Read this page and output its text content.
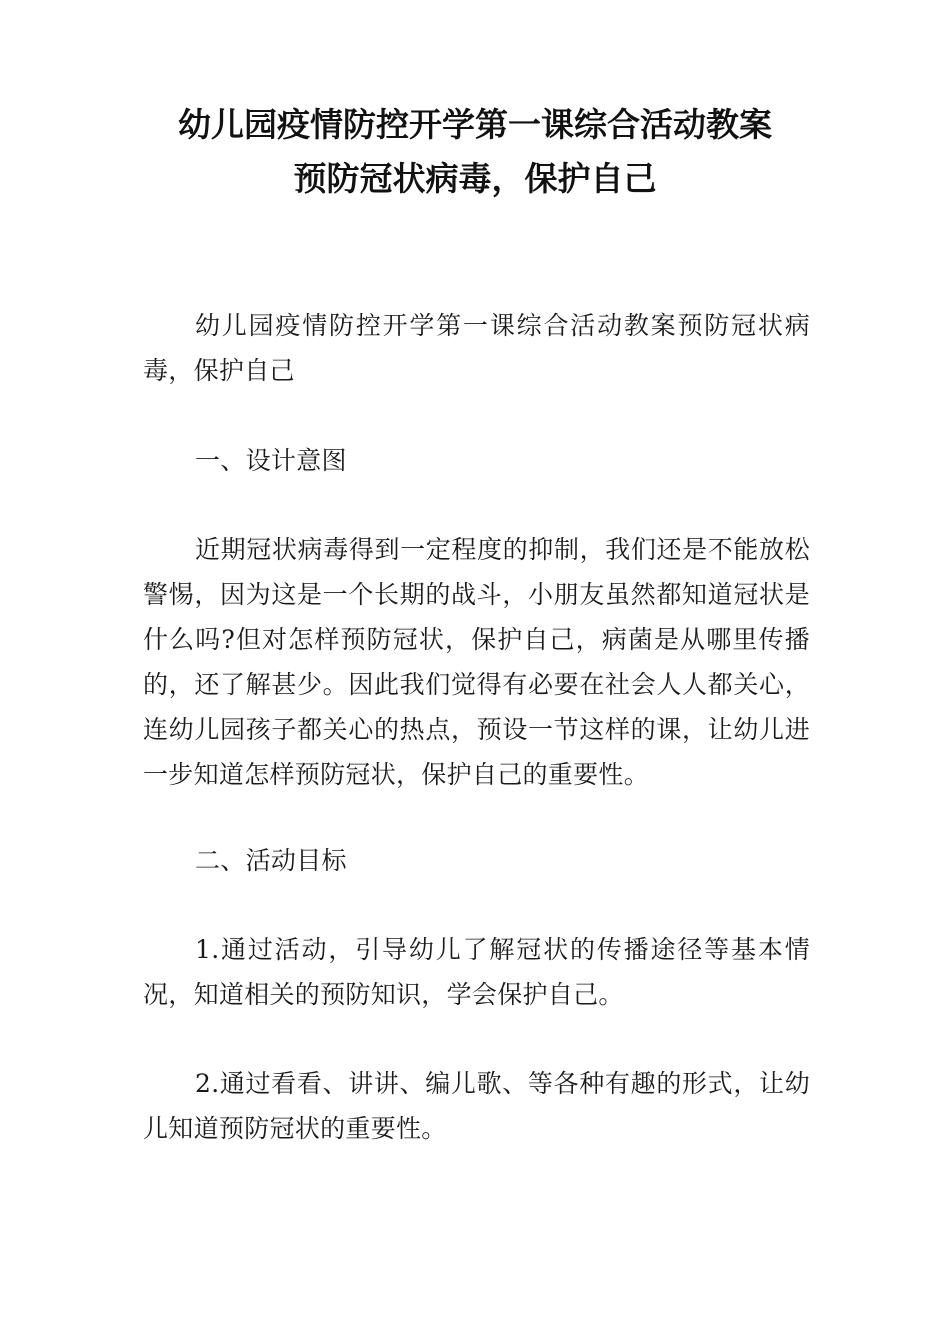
幼儿园疫情防控开学第一课综合活动教案
预防冠状病毒，保护自己

幼儿园疫情防控开学第一课综合活动教案预防冠状病毒，保护自己

一、设计意图

近期冠状病毒得到一定程度的抑制，我们还是不能放松警惕，因为这是一个长期的战斗，小朋友虽然都知道冠状是什么吗?但对怎样预防冠状，保护自己，病菌是从哪里传播的，还了解甚少。因此我们觉得有必要在社会人人都关心，连幼儿园孩子都关心的热点，预设一节这样的课，让幼儿进一步知道怎样预防冠状，保护自己的重要性。

二、活动目标

1.通过活动，引导幼儿了解冠状的传播途径等基本情况，知道相关的预防知识，学会保护自己。

2.通过看看、讲讲、编儿歌、等各种有趣的形式，让幼儿知道预防冠状的重要性。
